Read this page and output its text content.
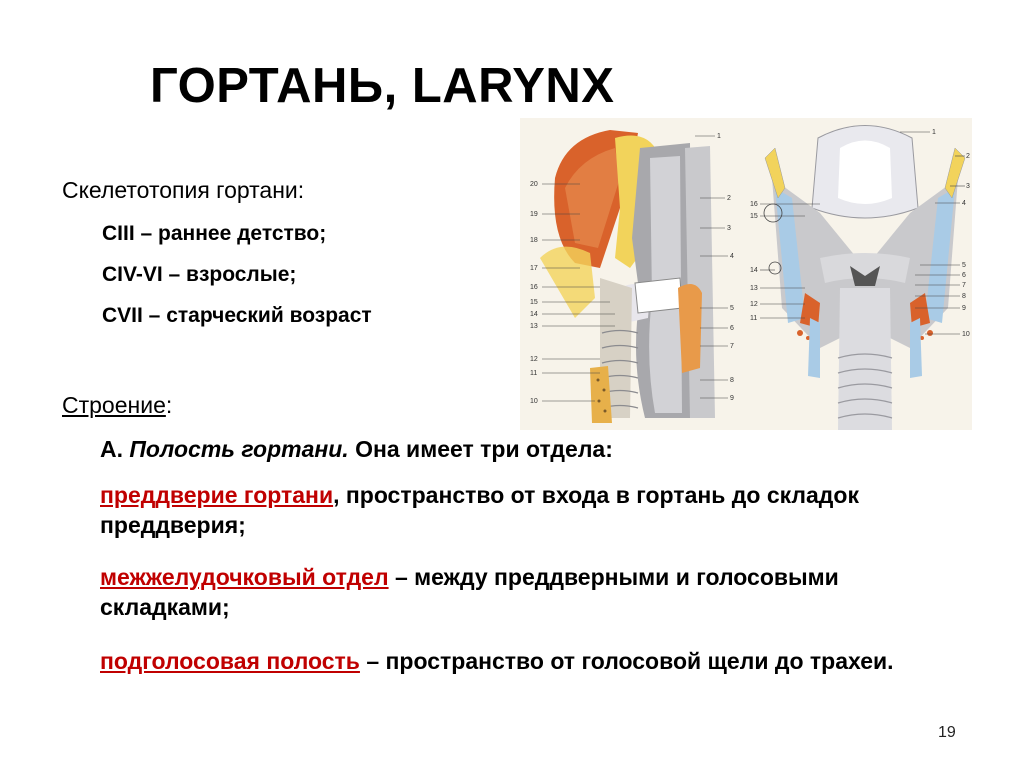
ГОРТАНЬ, LARYNX
Скелетотопия гортани:
CIII – раннее детство;
CIV-VI – взрослые;
CVII – старческий возраст
Строение:
А. Полость гортани. Она имеет три отдела:
преддверие гортани, пространство от входа в гортань до складок преддверия;
межжелудочковый отдел – между преддверными и голосовыми складками;
подголосовая полость – пространство от голосовой щели до трахеи.
19
20
19
18
17
16
15
14
13
12
11
10
1
2
3
4
5
6
7
8
9
1
2
3
4
5
6
7
8
9
10
11
12
13
14
15
16
